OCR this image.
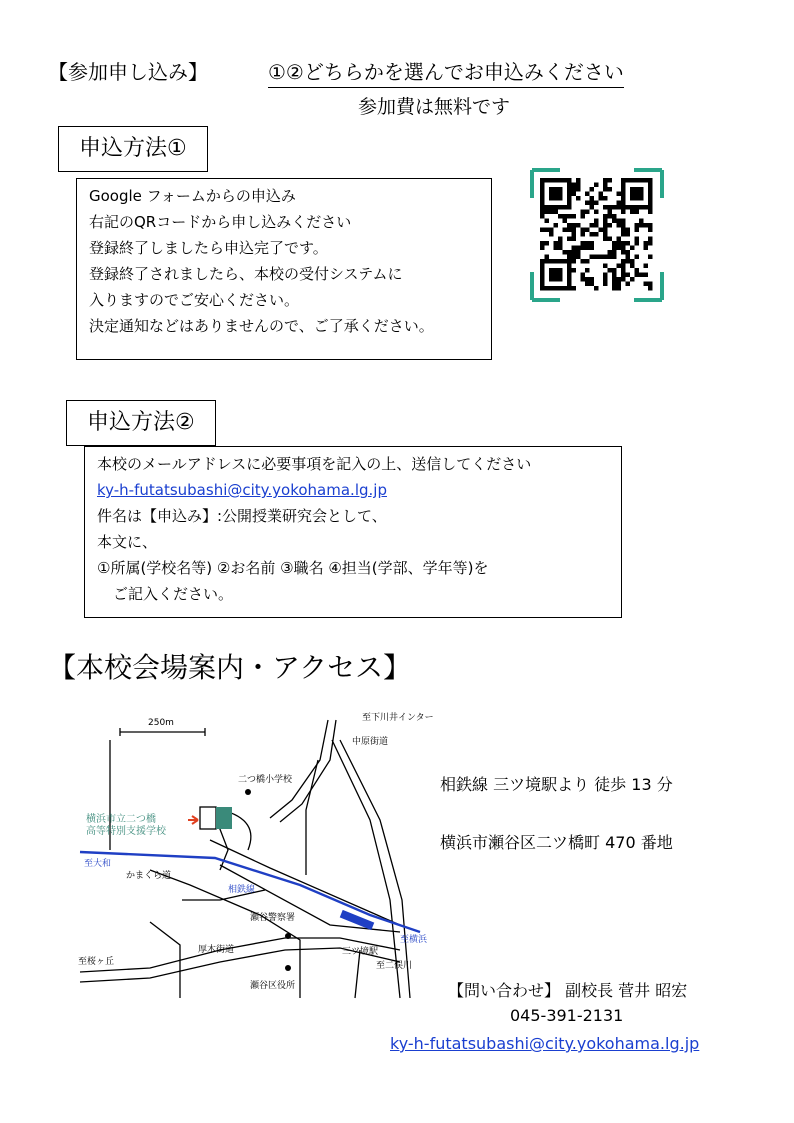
【参加申し込み】	①②どちらかを選んでお申込みください
参加費は無料です
申込方法①
Google フォームからの申込み
右記のQRコードから申し込みください
登録終了しましたら申込完了です。
登録終了されましたら、本校の受付システムに
入りますのでご安心ください。
決定通知などはありませんので、ご了承ください。
申込方法②
本校のメールアドレスに必要事項を記入の上、送信してください
ky-h-futatsubashi@city.yokohama.lg.jp
件名は【申込み】:公開授業研究会として、
本文に、
①所属(学校名等) ②お名前 ③職名 ④担当(学部、学年等)を
ご記入ください。
【本校会場案内・アクセス】
相鉄線 三ツ境駅より 徒歩 13 分
横浜市瀬谷区二ツ橋町 470 番地
250m	至下川井インター
中原街道
二つ橋小学校
横浜市立二つ橋
高等特別支援学校
至大和
かまくら道
相鉄線
瀬谷警察署
厚木街道	三ツ境駅
至横浜
至二俣川
至桜ヶ丘
瀬谷区役所	【問い合わせ】 副校長 菅井 昭宏
045-391-2131
ky-h-futatsubashi@city.yokohama.lg.jp
